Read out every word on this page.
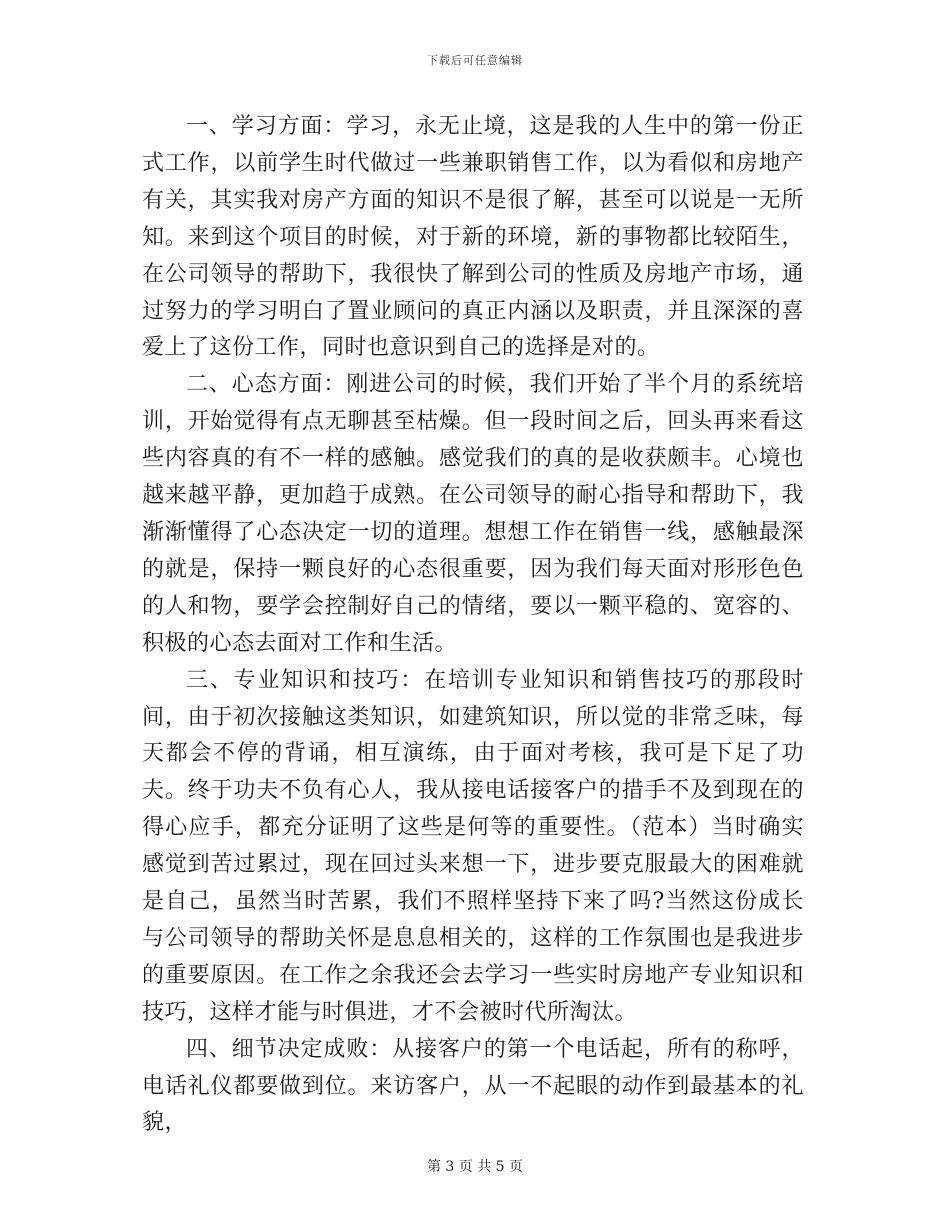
下载后可任意编辑

一、学习方面：学习，永无止境，这是我的人生中的第一份正式工作，以前学生时代做过一些兼职销售工作，以为看似和房地产有关，其实我对房产方面的知识不是很了解，甚至可以说是一无所知。来到这个项目的时候，对于新的环境，新的事物都比较陌生，在公司领导的帮助下，我很快了解到公司的性质及房地产市场，通过努力的学习明白了置业顾问的真正内涵以及职责，并且深深的喜爱上了这份工作，同时也意识到自己的选择是对的。

二、心态方面：刚进公司的时候，我们开始了半个月的系统培训，开始觉得有点无聊甚至枯燥。但一段时间之后，回头再来看这些内容真的有不一样的感触。感觉我们的真的是收获颇丰。心境也越来越平静，更加趋于成熟。在公司领导的耐心指导和帮助下，我渐渐懂得了心态决定一切的道理。想想工作在销售一线，感触最深的就是，保持一颗良好的心态很重要，因为我们每天面对形形色色的人和物，要学会控制好自己的情绪，要以一颗平稳的、宽容的、积极的心态去面对工作和生活。

三、专业知识和技巧：在培训专业知识和销售技巧的那段时间，由于初次接触这类知识，如建筑知识，所以觉的非常乏味，每天都会不停的背诵，相互演练，由于面对考核，我可是下足了功夫。终于功夫不负有心人，我从接电话接客户的措手不及到现在的得心应手，都充分证明了这些是何等的重要性。（范本）当时确实感觉到苦过累过，现在回过头来想一下，进步要克服最大的困难就是自己，虽然当时苦累，我们不照样坚持下来了吗?当然这份成长与公司领导的帮助关怀是息息相关的，这样的工作氛围也是我进步的重要原因。在工作之余我还会去学习一些实时房地产专业知识和技巧，这样才能与时俱进，才不会被时代所淘汰。

四、细节决定成败：从接客户的第一个电话起，所有的称呼，电话礼仪都要做到位。来访客户，从一不起眼的动作到最基本的礼貌，

第 3 页 共 5 页
